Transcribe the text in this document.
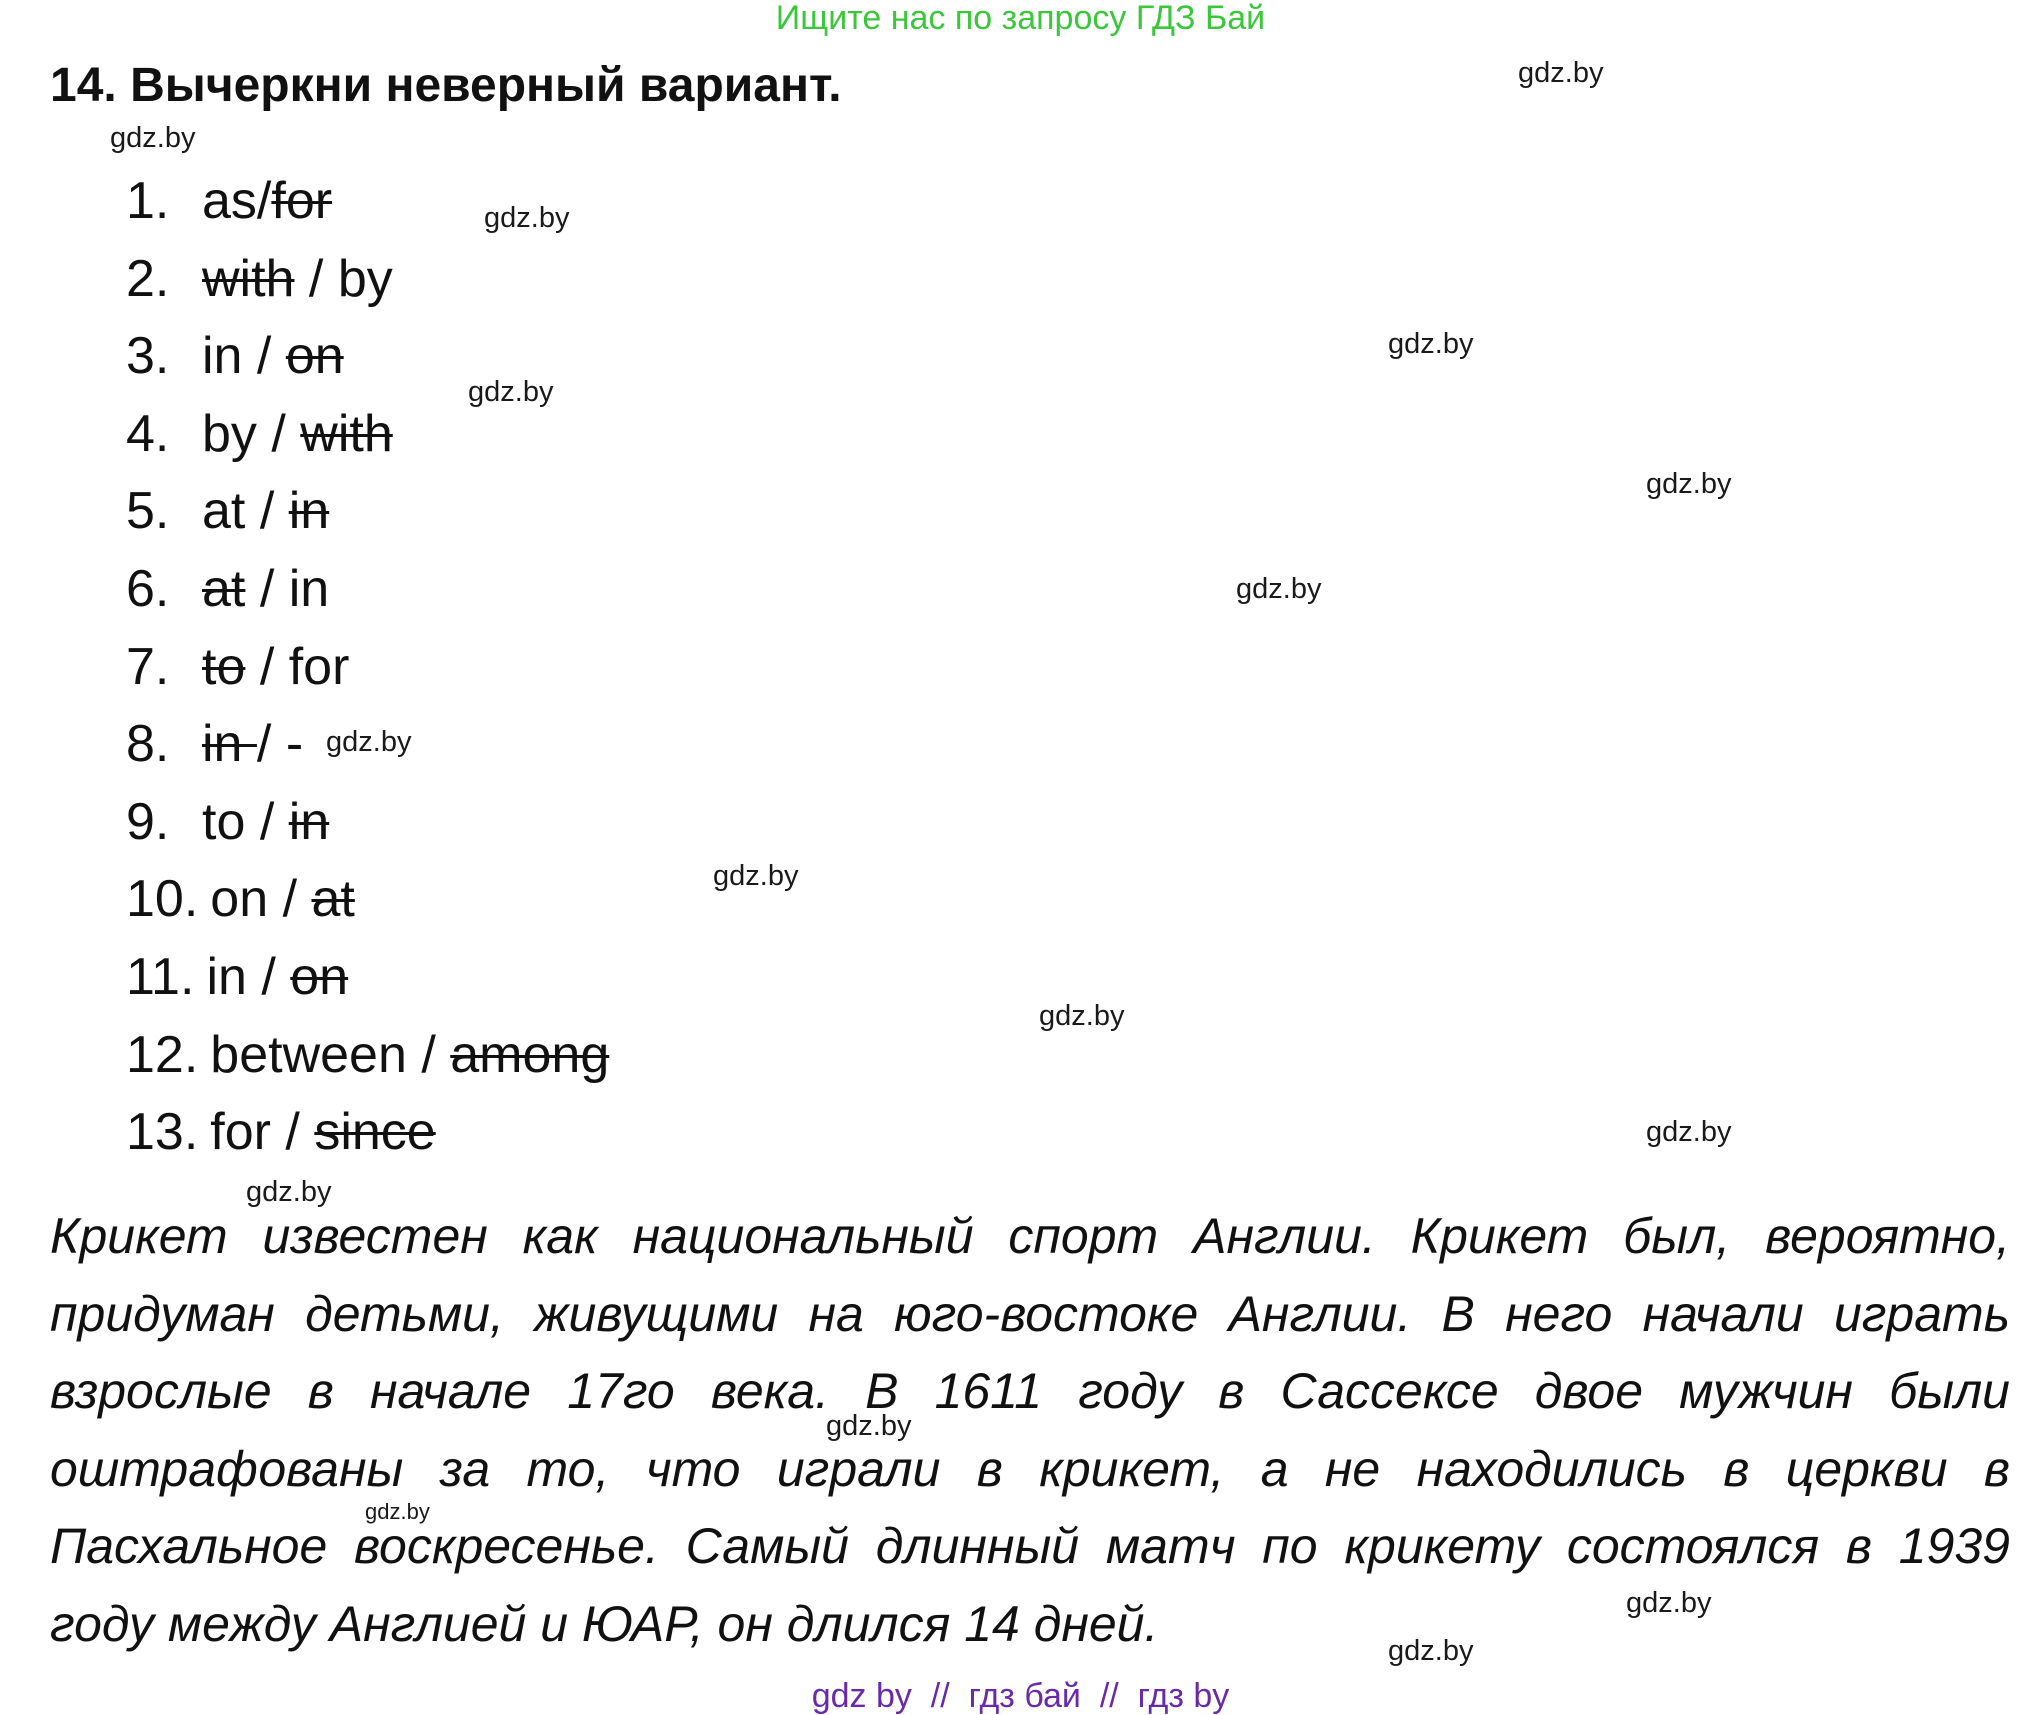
Ищите нас по запросу ГДЗ Бай
14. Вычеркни неверный вариант.
1. as/for
2. with / by
3. in / on
4. by / with
5. at / in
6. at / in
7. to / for
8. in / -
9. to / in
10. on / at
11. in / on
12. between / among
13. for / since

Крикет известен как национальный спорт Англии. Крикет был, вероятно, придуман детьми, живущими на юго-востоке Англии. В него начали играть взрослые в начале 17го века. В 1611 году в Сассексе двое мужчин были оштрафованы за то, что играли в крикет, а не находились в церкви в Пасхальное воскресенье. Самый длинный матч по крикету состоялся в 1939 году между Англией и ЮАР, он длился 14 дней.

gdz.by
gdz.by
gdz.by
gdz.by
gdz.by
gdz.by
gdz.by
gdz.by
gdz.by
gdz.by
gdz.by
gdz.by
gdz.by
gdz.by
gdz.by
gdz.by
gdz by  //  гдз бай  //  гдз by
